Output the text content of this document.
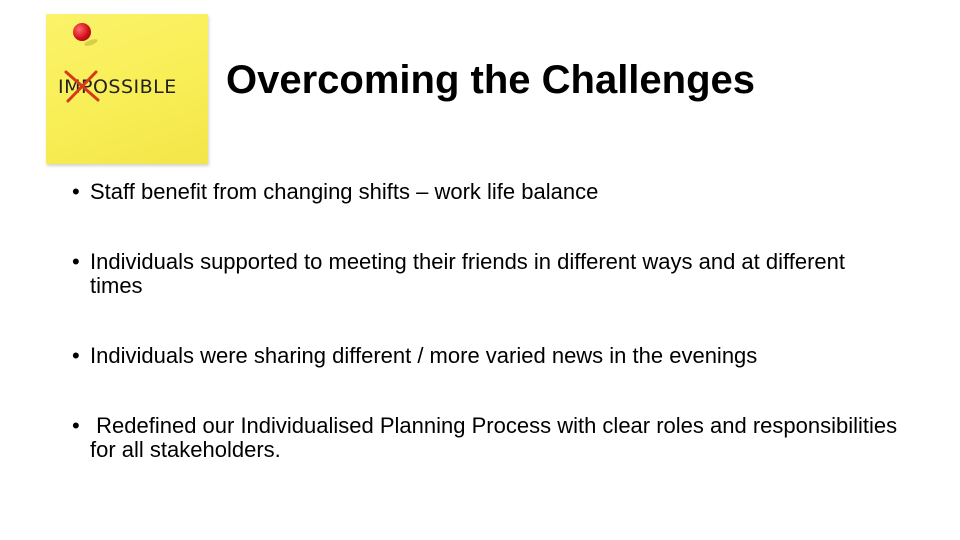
IMPOSSIBLE Overcoming the Challenges
• Staff benefit from changing shifts – work life balance
• Individuals supported to meeting their friends in different ways and at different times
• Individuals were sharing different / more varied news in the evenings
• Redefined our Individualised Planning Process with clear roles and responsibilities for all stakeholders.
